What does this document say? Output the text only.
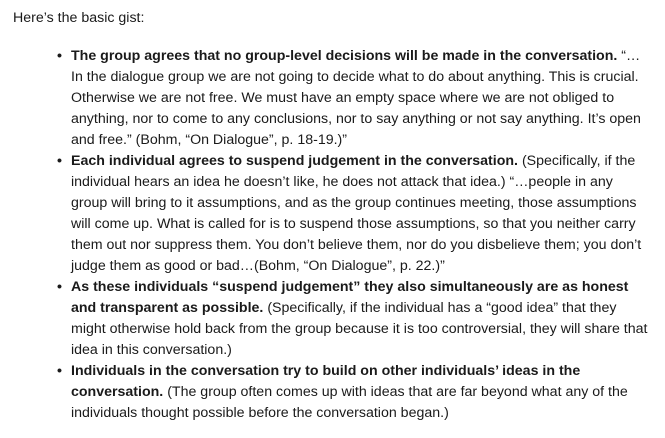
Here’s the basic gist:

• The group agrees that no group-level decisions will be made in the conversation. “…In the dialogue group we are not going to decide what to do about anything. This is crucial. Otherwise we are not free. We must have an empty space where we are not obliged to anything, nor to come to any conclusions, nor to say anything or not say anything. It’s open and free.” (Bohm, “On Dialogue”, p. 18-19.)”
• Each individual agrees to suspend judgement in the conversation. (Specifically, if the individual hears an idea he doesn’t like, he does not attack that idea.) “…people in any group will bring to it assumptions, and as the group continues meeting, those assumptions will come up. What is called for is to suspend those assumptions, so that you neither carry them out nor suppress them. You don’t believe them, nor do you disbelieve them; you don’t judge them as good or bad…(Bohm, “On Dialogue”, p. 22.)”
• As these individuals “suspend judgement” they also simultaneously are as honest and transparent as possible. (Specifically, if the individual has a “good idea” that they might otherwise hold back from the group because it is too controversial, they will share that idea in this conversation.)
• Individuals in the conversation try to build on other individuals’ ideas in the conversation. (The group often comes up with ideas that are far beyond what any of the individuals thought possible before the conversation began.)
